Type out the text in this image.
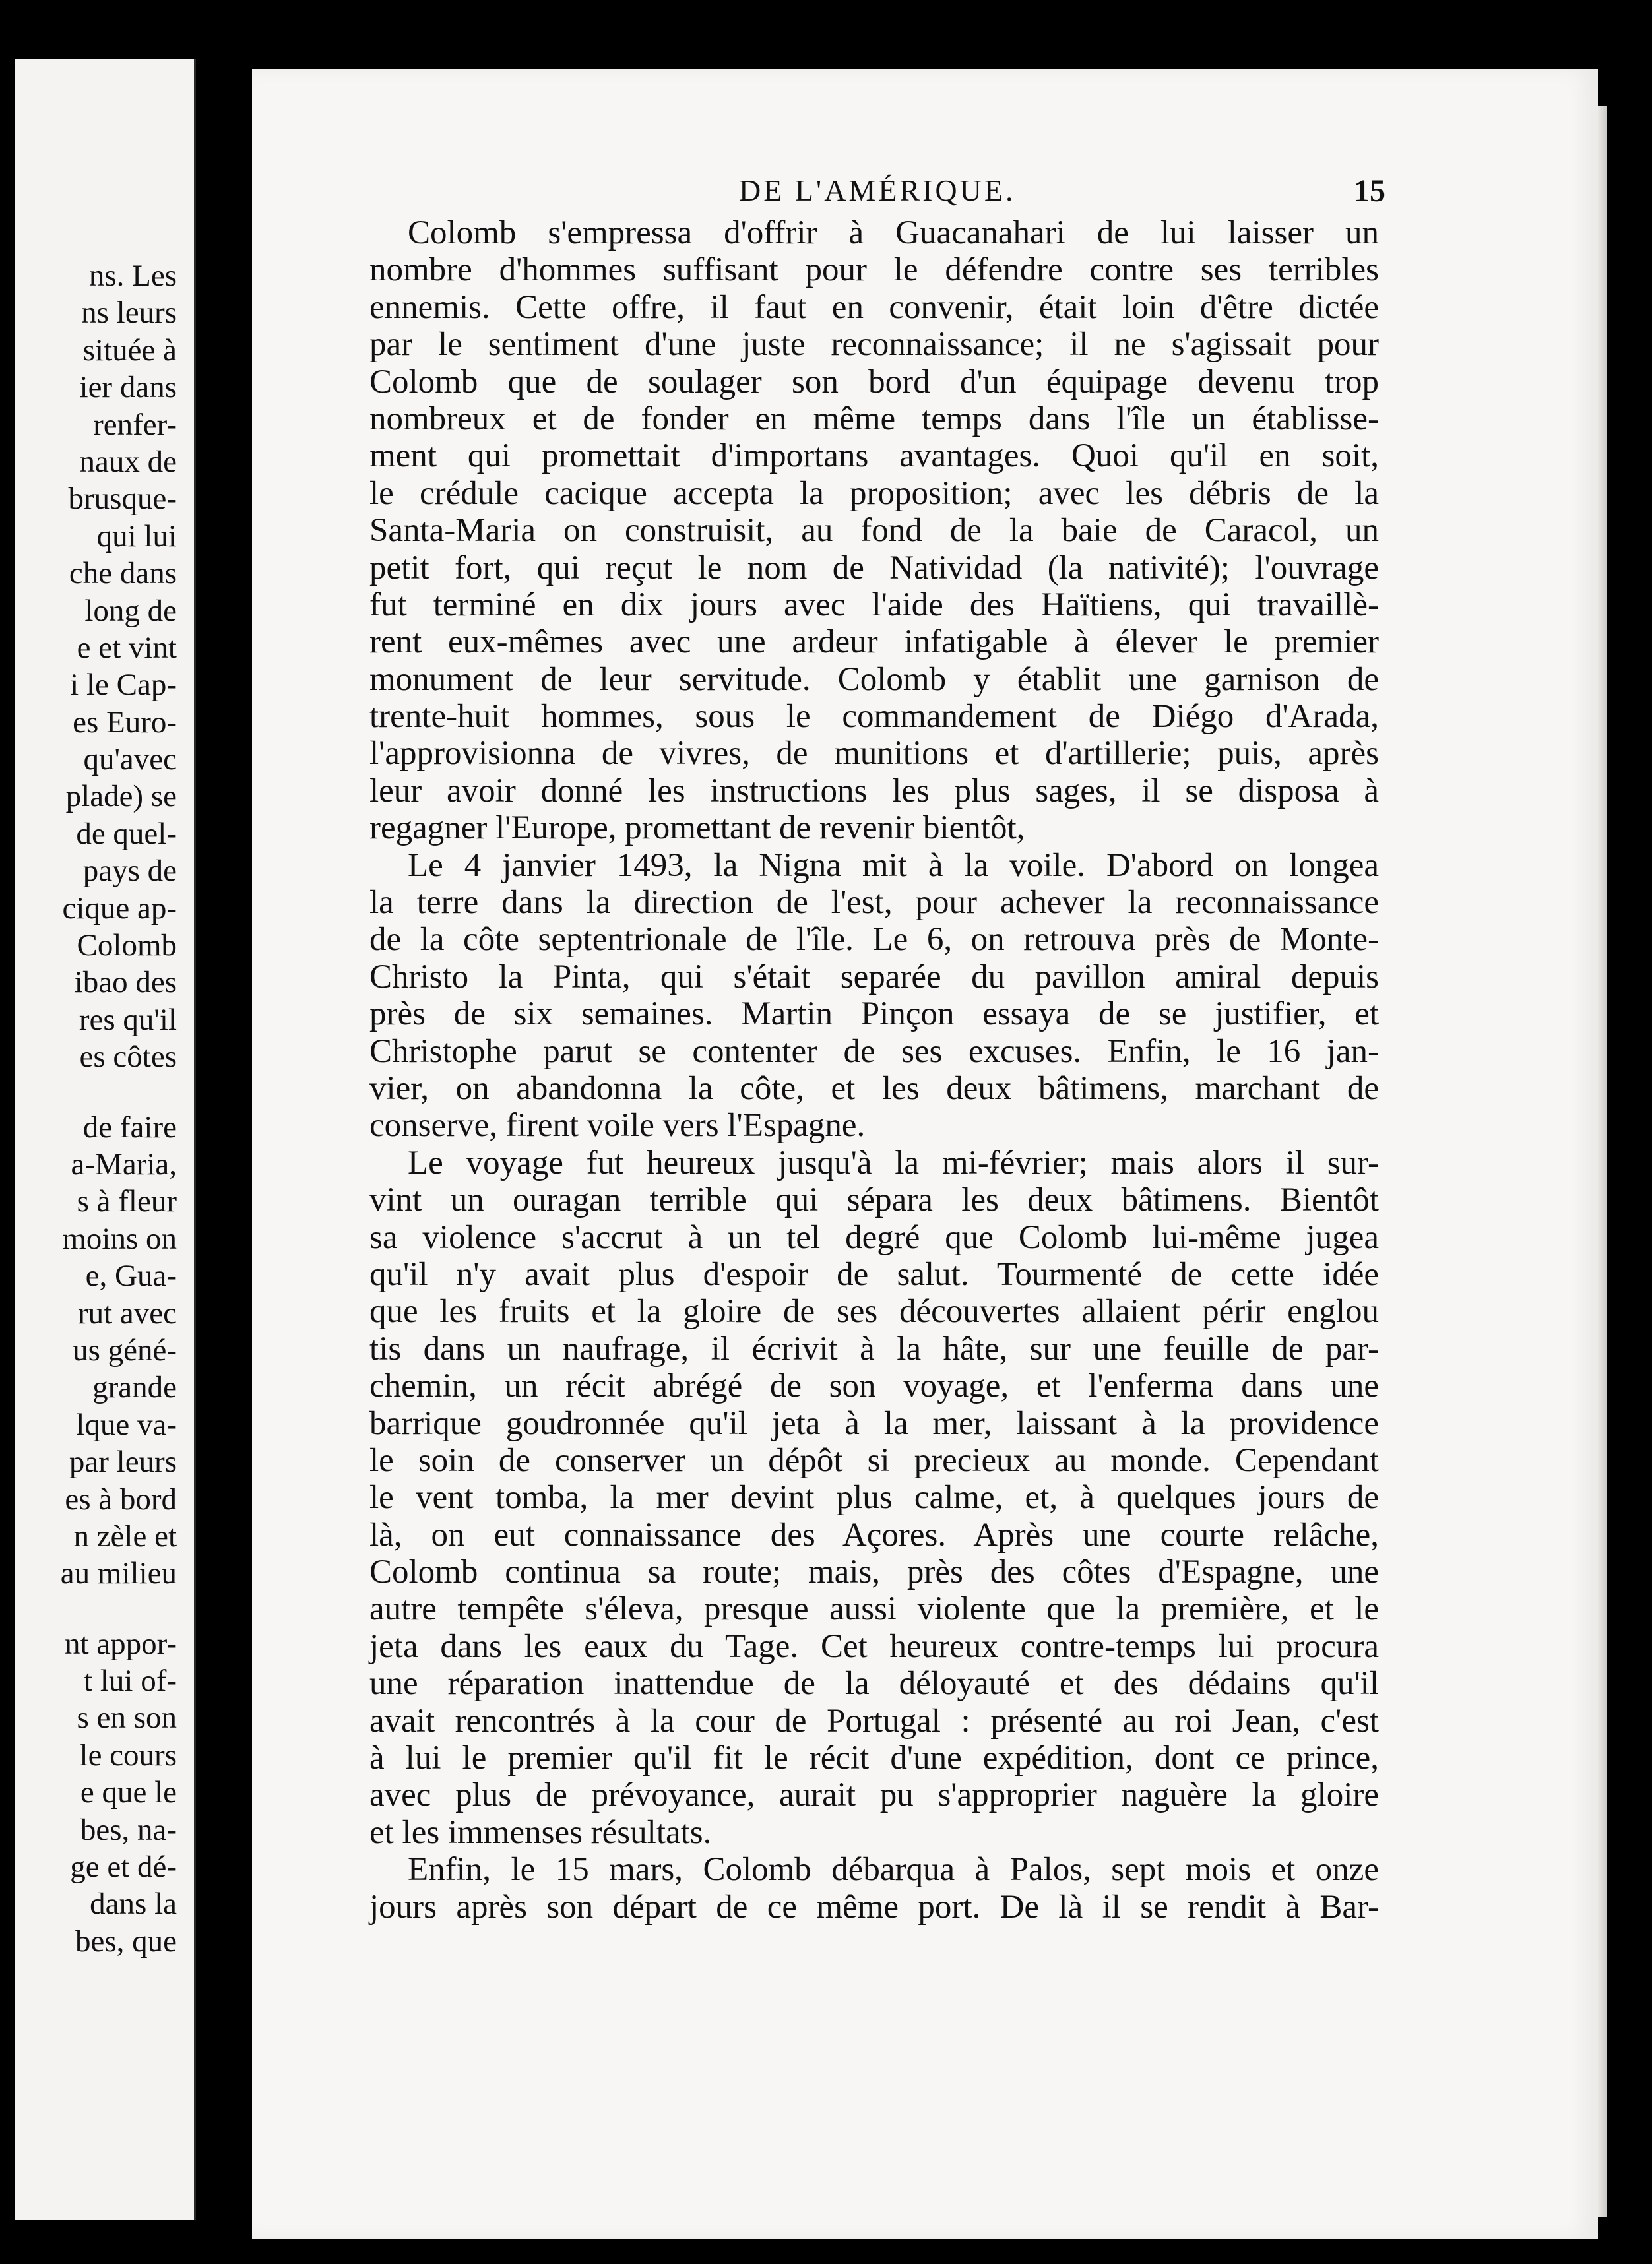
ns. Les
ns leurs
située à
ier dans
renfer-
naux de
brusque-
qui lui
che dans
long de
e et vint
i le Cap-
es Euro-
qu'avec
plade) se
de quel-
pays de
cique ap-
Colomb
ibao des
res qu'il
es côtes
de faire
a-Maria,
s à fleur
moins on
e, Gua-
rut avec
us géné-
grande
lque va-
par leurs
es à bord
n zèle et
au milieu
nt appor-
t lui of-
s en son
le cours
e que le
bes, na-
ge et dé-
dans la
bes, que
DE L'AMÉRIQUE.	15
Colomb s'empressa d'offrir à Guacanahari de lui laisser un
nombre d'hommes suffisant pour le défendre contre ses terribles
ennemis. Cette offre, il faut en convenir, était loin d'être dictée
par le sentiment d'une juste reconnaissance; il ne s'agissait pour
Colomb que de soulager son bord d'un équipage devenu trop
nombreux et de fonder en même temps dans l'île un établisse-
ment qui promettait d'importans avantages. Quoi qu'il en soit,
le crédule cacique accepta la proposition; avec les débris de la
Santa-Maria on construisit, au fond de la baie de Caracol, un
petit fort, qui reçut le nom de Natividad (la nativité); l'ouvrage
fut terminé en dix jours avec l'aide des Haïtiens, qui travaillè-
rent eux-mêmes avec une ardeur infatigable à élever le premier
monument de leur servitude. Colomb y établit une garnison de
trente-huit hommes, sous le commandement de Diégo d'Arada,
l'approvisionna de vivres, de munitions et d'artillerie; puis, après
leur avoir donné les instructions les plus sages, il se disposa à
regagner l'Europe, promettant de revenir bientôt,
Le 4 janvier 1493, la Nigna mit à la voile. D'abord on longea
la terre dans la direction de l'est, pour achever la reconnaissance
de la côte septentrionale de l'île. Le 6, on retrouva près de Monte-
Christo la Pinta, qui s'était separée du pavillon amiral depuis
près de six semaines. Martin Pinçon essaya de se justifier, et
Christophe parut se contenter de ses excuses. Enfin, le 16 jan-
vier, on abandonna la côte, et les deux bâtimens, marchant de
conserve, firent voile vers l'Espagne.
Le voyage fut heureux jusqu'à la mi-février; mais alors il sur-
vint un ouragan terrible qui sépara les deux bâtimens. Bientôt
sa violence s'accrut à un tel degré que Colomb lui-même jugea
qu'il n'y avait plus d'espoir de salut. Tourmenté de cette idée
que les fruits et la gloire de ses découvertes allaient périr englou
tis dans un naufrage, il écrivit à la hâte, sur une feuille de par-
chemin, un récit abrégé de son voyage, et l'enferma dans une
barrique goudronnée qu'il jeta à la mer, laissant à la providence
le soin de conserver un dépôt si precieux au monde. Cependant
le vent tomba, la mer devint plus calme, et, à quelques jours de
là, on eut connaissance des Açores. Après une courte relâche,
Colomb continua sa route; mais, près des côtes d'Espagne, une
autre tempête s'éleva, presque aussi violente que la première, et le
jeta dans les eaux du Tage. Cet heureux contre-temps lui procura
une réparation inattendue de la déloyauté et des dédains qu'il
avait rencontrés à la cour de Portugal : présenté au roi Jean, c'est
à lui le premier qu'il fit le récit d'une expédition, dont ce prince,
avec plus de prévoyance, aurait pu s'approprier naguère la gloire
et les immenses résultats.
Enfin, le 15 mars, Colomb débarqua à Palos, sept mois et onze
jours après son départ de ce même port. De là il se rendit à Bar-
